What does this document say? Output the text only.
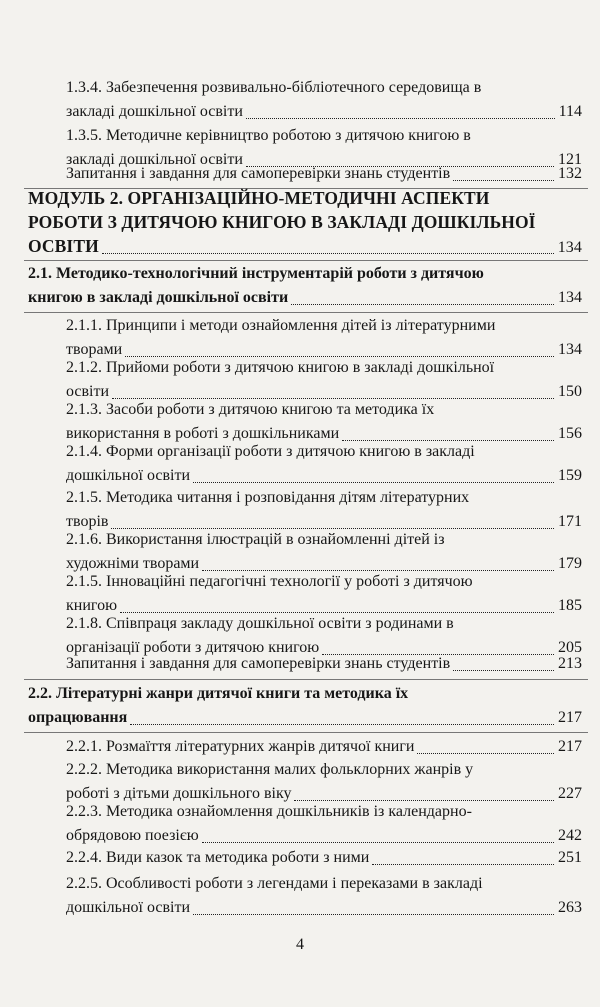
1.3.4. Забезпечення розвивально-бібліотечного середовища в
закладі дошкільної освіти	114
1.3.5. Методичне керівництво роботою з дитячою книгою в
закладі дошкільної освіти	121
Запитання і завдання для самоперевірки знань студентів	132
МОДУЛЬ 2. ОРГАНІЗАЦІЙНО-МЕТОДИЧНІ АСПЕКТИ
РОБОТИ З ДИТЯЧОЮ КНИГОЮ В ЗАКЛАДІ ДОШКІЛЬНОЇ
ОСВІТИ	134
2.1. Методико-технологічний інструментарій роботи з дитячою
книгою в закладі дошкільної освіти	134
2.1.1. Принципи і методи ознайомлення дітей із літературними
творами	134
2.1.2. Прийоми роботи з дитячою книгою в закладі дошкільної
освіти	150
2.1.3. Засоби роботи з дитячою книгою та методика їх
використання в роботі з дошкільниками	156
2.1.4. Форми організації роботи з дитячою книгою в закладі
дошкільної освіти	159
2.1.5. Методика читання і розповідання дітям літературних
творів	171
2.1.6. Використання ілюстрацій в ознайомленні дітей із
художніми творами	179
2.1.5. Інноваційні педагогічні технології у роботі з дитячою
книгою	185
2.1.8. Співпраця закладу дошкільної освіти з родинами в
організації роботи з дитячою книгою	205
Запитання і завдання для самоперевірки знань студентів	213
2.2. Літературні жанри дитячої книги та методика їх
опрацювання	217
2.2.1. Розмаїття літературних жанрів дитячої книги	217
2.2.2. Методика використання малих фольклорних жанрів у
роботі з дітьми дошкільного віку	227
2.2.3. Методика ознайомлення дошкільників із календарно-
обрядовою поезією	242
2.2.4. Види казок та методика роботи з ними	251
2.2.5. Особливості роботи з легендами і переказами в закладі
дошкільної освіти	263
4
